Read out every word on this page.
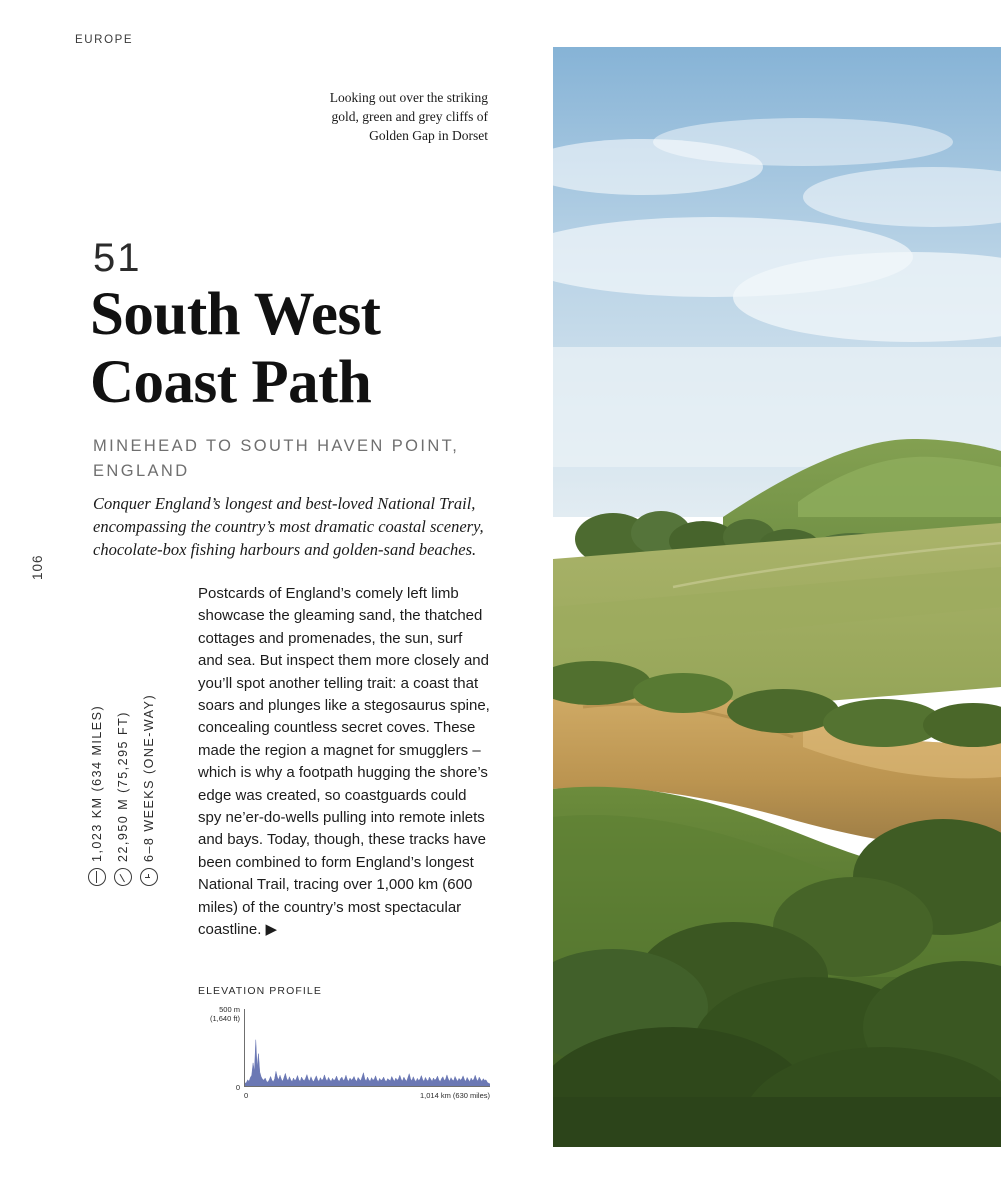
EUROPE
106
Looking out over the striking gold, green and grey cliffs of Golden Gap in Dorset
51
South West
Coast Path
MINEHEAD TO SOUTH HAVEN POINT, ENGLAND
Conquer England’s longest and best-loved National Trail, encompassing the country’s most dramatic coastal scenery, chocolate-box fishing harbours and golden-sand beaches.
1,023 KM (634 MILES) 22,950 M (75,295 FT) 6–8 WEEKS (ONE-WAY)
Postcards of England’s comely left limb showcase the gleaming sand, the thatched cottages and promenades, the sun, surf and sea. But inspect them more closely and you’ll spot another telling trait: a coast that soars and plunges like a stegosaurus spine, concealing countless secret coves. These made the region a magnet for smugglers – which is why a footpath hugging the shore’s edge was created, so coastguards could spy ne’er-do-wells pulling into remote inlets and bays. Today, though, these tracks have been combined to form England’s longest National Trail, tracing over 1,000 km (600 miles) of the country’s most spectacular coastline. ▶
ELEVATION PROFILE
500 m
(1,640 ft)
0
0	1,014 km (630 miles)
